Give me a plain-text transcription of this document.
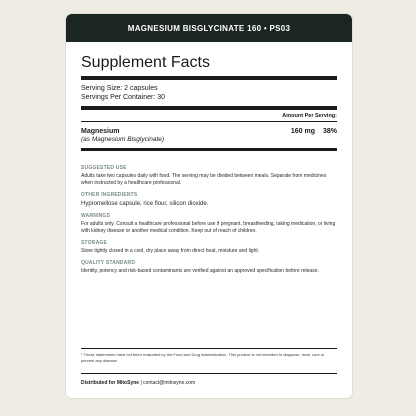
MAGNESIUM BISGLYCINATE 160 • PS03
Supplement Facts
Serving Size: 2 capsules
Servings Per Container: 30
Amount Per Serving:
Magnesium
(as Magnesium Bisglycinate)
160 mg 38%
SUGGESTED USE
Adults take two capsules daily with food. The serving may be divided between meals. Separate from medicines when instructed by a healthcare professional.
OTHER INGREDIENTS
Hypromellose capsule, rice flour, silicon dioxide.
WARNINGS
For adults only. Consult a healthcare professional before use if pregnant, breastfeeding, taking medication, or living with kidney disease or another medical condition. Keep out of reach of children.
STORAGE
Store tightly closed in a cool, dry place away from direct heat, moisture and light.
QUALITY STANDARD
Identity, potency and risk-based contaminants are verified against an approved specification before release.
* These statements have not been evaluated by the Food and Drug Administration. This product is not intended to diagnose, treat, cure or prevent any disease.
Distributed for MitoSyne | contact@mitosyne.com
